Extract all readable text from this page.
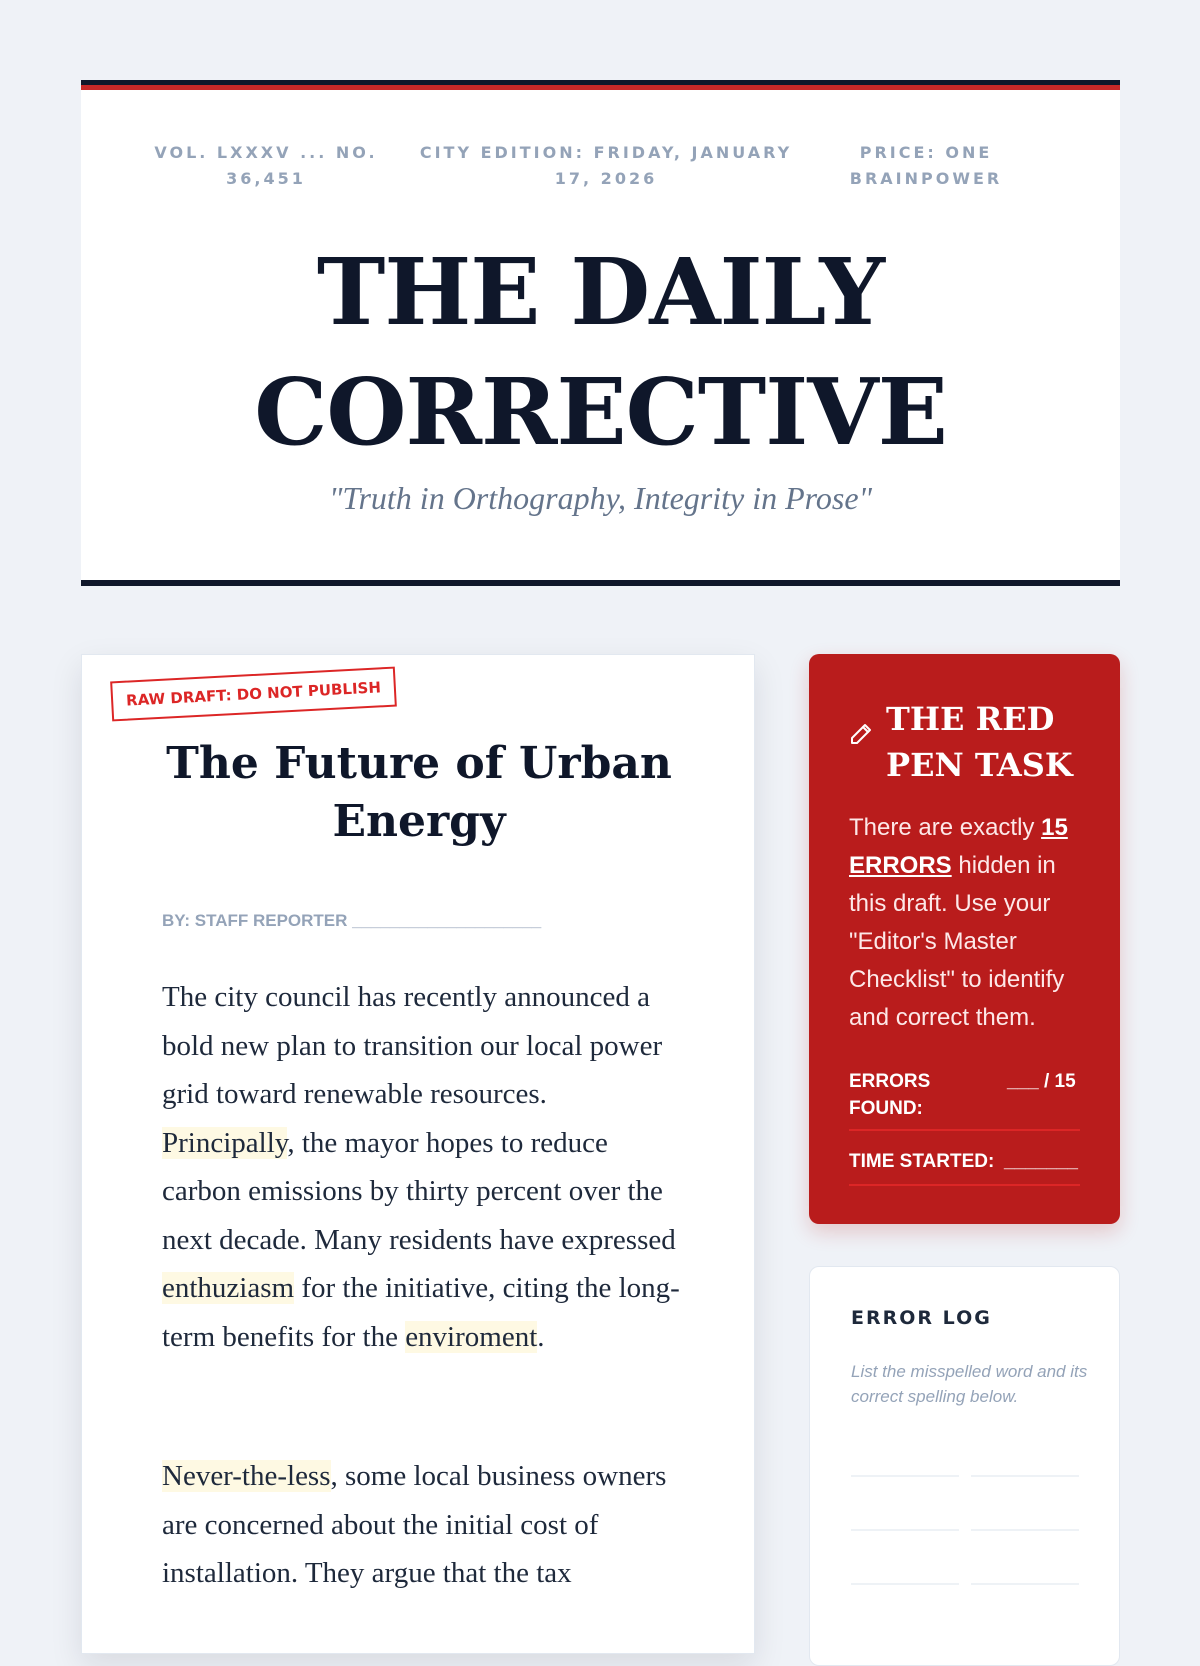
VOL. LXXXV ... NO. 36,451
CITY EDITION: FRIDAY, JANUARY 17, 2026
PRICE: ONE BRAINPOWER
THE DAILY
CORRECTIVE
"Truth in Orthography, Integrity in Prose"
RAW DRAFT: DO NOT PUBLISH
The Future of Urban Energy
BY: STAFF REPORTER ____________________

The city council has recently announced a bold new plan to transition our local power grid toward renewable resources. Principally, the mayor hopes to reduce carbon emissions by thirty percent over the next decade. Many residents have expressed enthuziasm for the initiative, citing the long-term benefits for the enviroment.

Never-the-less, some local business owners are concerned about the initial cost of installation. They argue that the tax

THE RED PEN TASK
There are exactly 15 ERRORS hidden in this draft. Use your "Editor's Master Checklist" to identify and correct them.
ERRORS FOUND:
___ / 15
TIME STARTED: _______
ERROR LOG
List the misspelled word and its correct spelling below.
